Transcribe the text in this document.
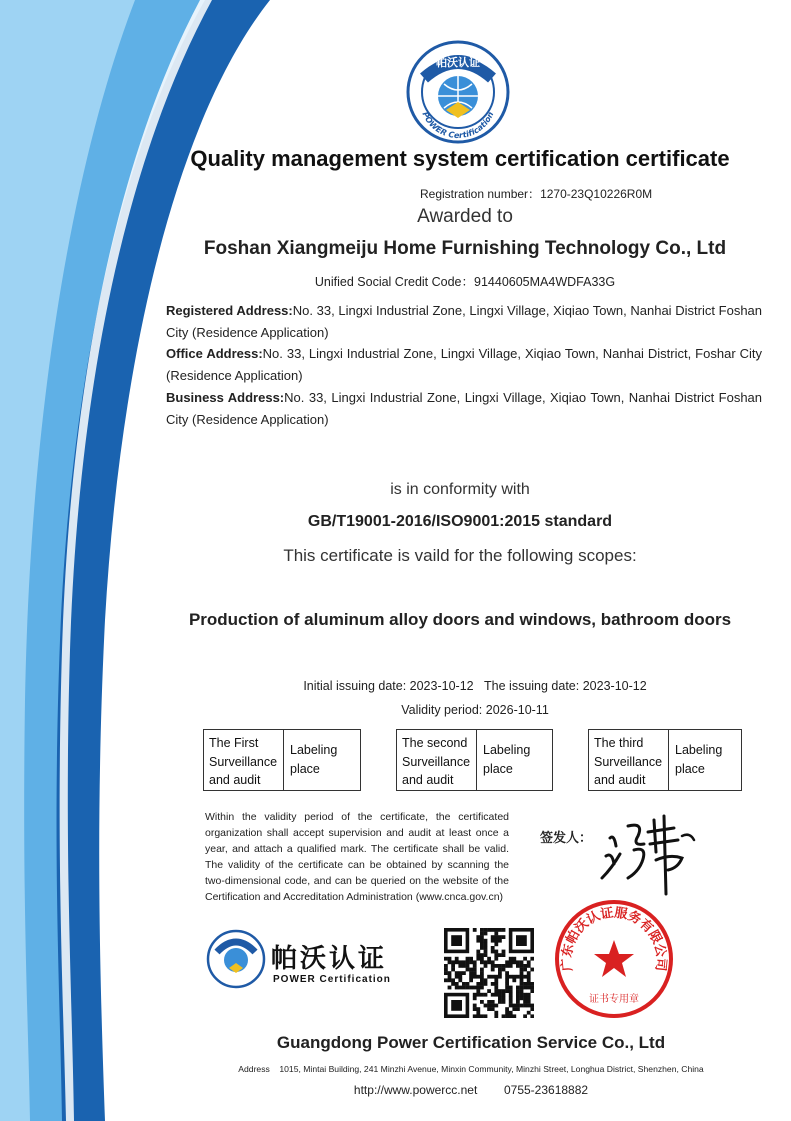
帕沃认证
POWER Certification
Quality management system certification certificate
Registration number：1270-23Q10226R0M
Awarded to
Foshan Xiangmeiju Home Furnishing Technology Co., Ltd
Unified Social Credit Code：91440605MA4WDFA33G
Registered Address:No. 33, Lingxi Industrial Zone, Lingxi Village, Xiqiao Town, Nanhai District Foshan City (Residence Application)
Office Address:No. 33, Lingxi Industrial Zone, Lingxi Village, Xiqiao Town, Nanhai District, Foshar City (Residence Application)
Business Address:No. 33, Lingxi Industrial Zone, Lingxi Village, Xiqiao Town, Nanhai District Foshan City (Residence Application)
is in conformity with
GB/T19001-2016/ISO9001:2015 standard
This certificate is vaild for the following scopes:
Production of aluminum alloy doors and windows, bathroom doors
Initial issuing date: 2023-10-12 The issuing date: 2023-10-12
Validity period: 2026-10-11
The First Surveillance and audit
Labeling place
The second Surveillance and audit
Labeling place
The third Surveillance and audit
Labeling place
Within the validity period of the certificate, the certificated organization shall accept supervision and audit at least once a year, and attach a qualified mark. The certificate shall be valid. The validity of the certificate can be obtained by scanning the two-dimensional code, and can be queried on the website of the Certification and Accreditation Administration (www.cnca.gov.cn)
签发人：
帕沃认证
POWER Certification
广东帕沃认证服务有限公司
证书专用章
Guangdong Power Certification Service Co., Ltd
Address 1015, Mintai Building, 241 Minzhi Avenue, Minxin Community, Minzhi Street, Longhua District, Shenzhen, China
http://www.powercc.net 0755-23618882
